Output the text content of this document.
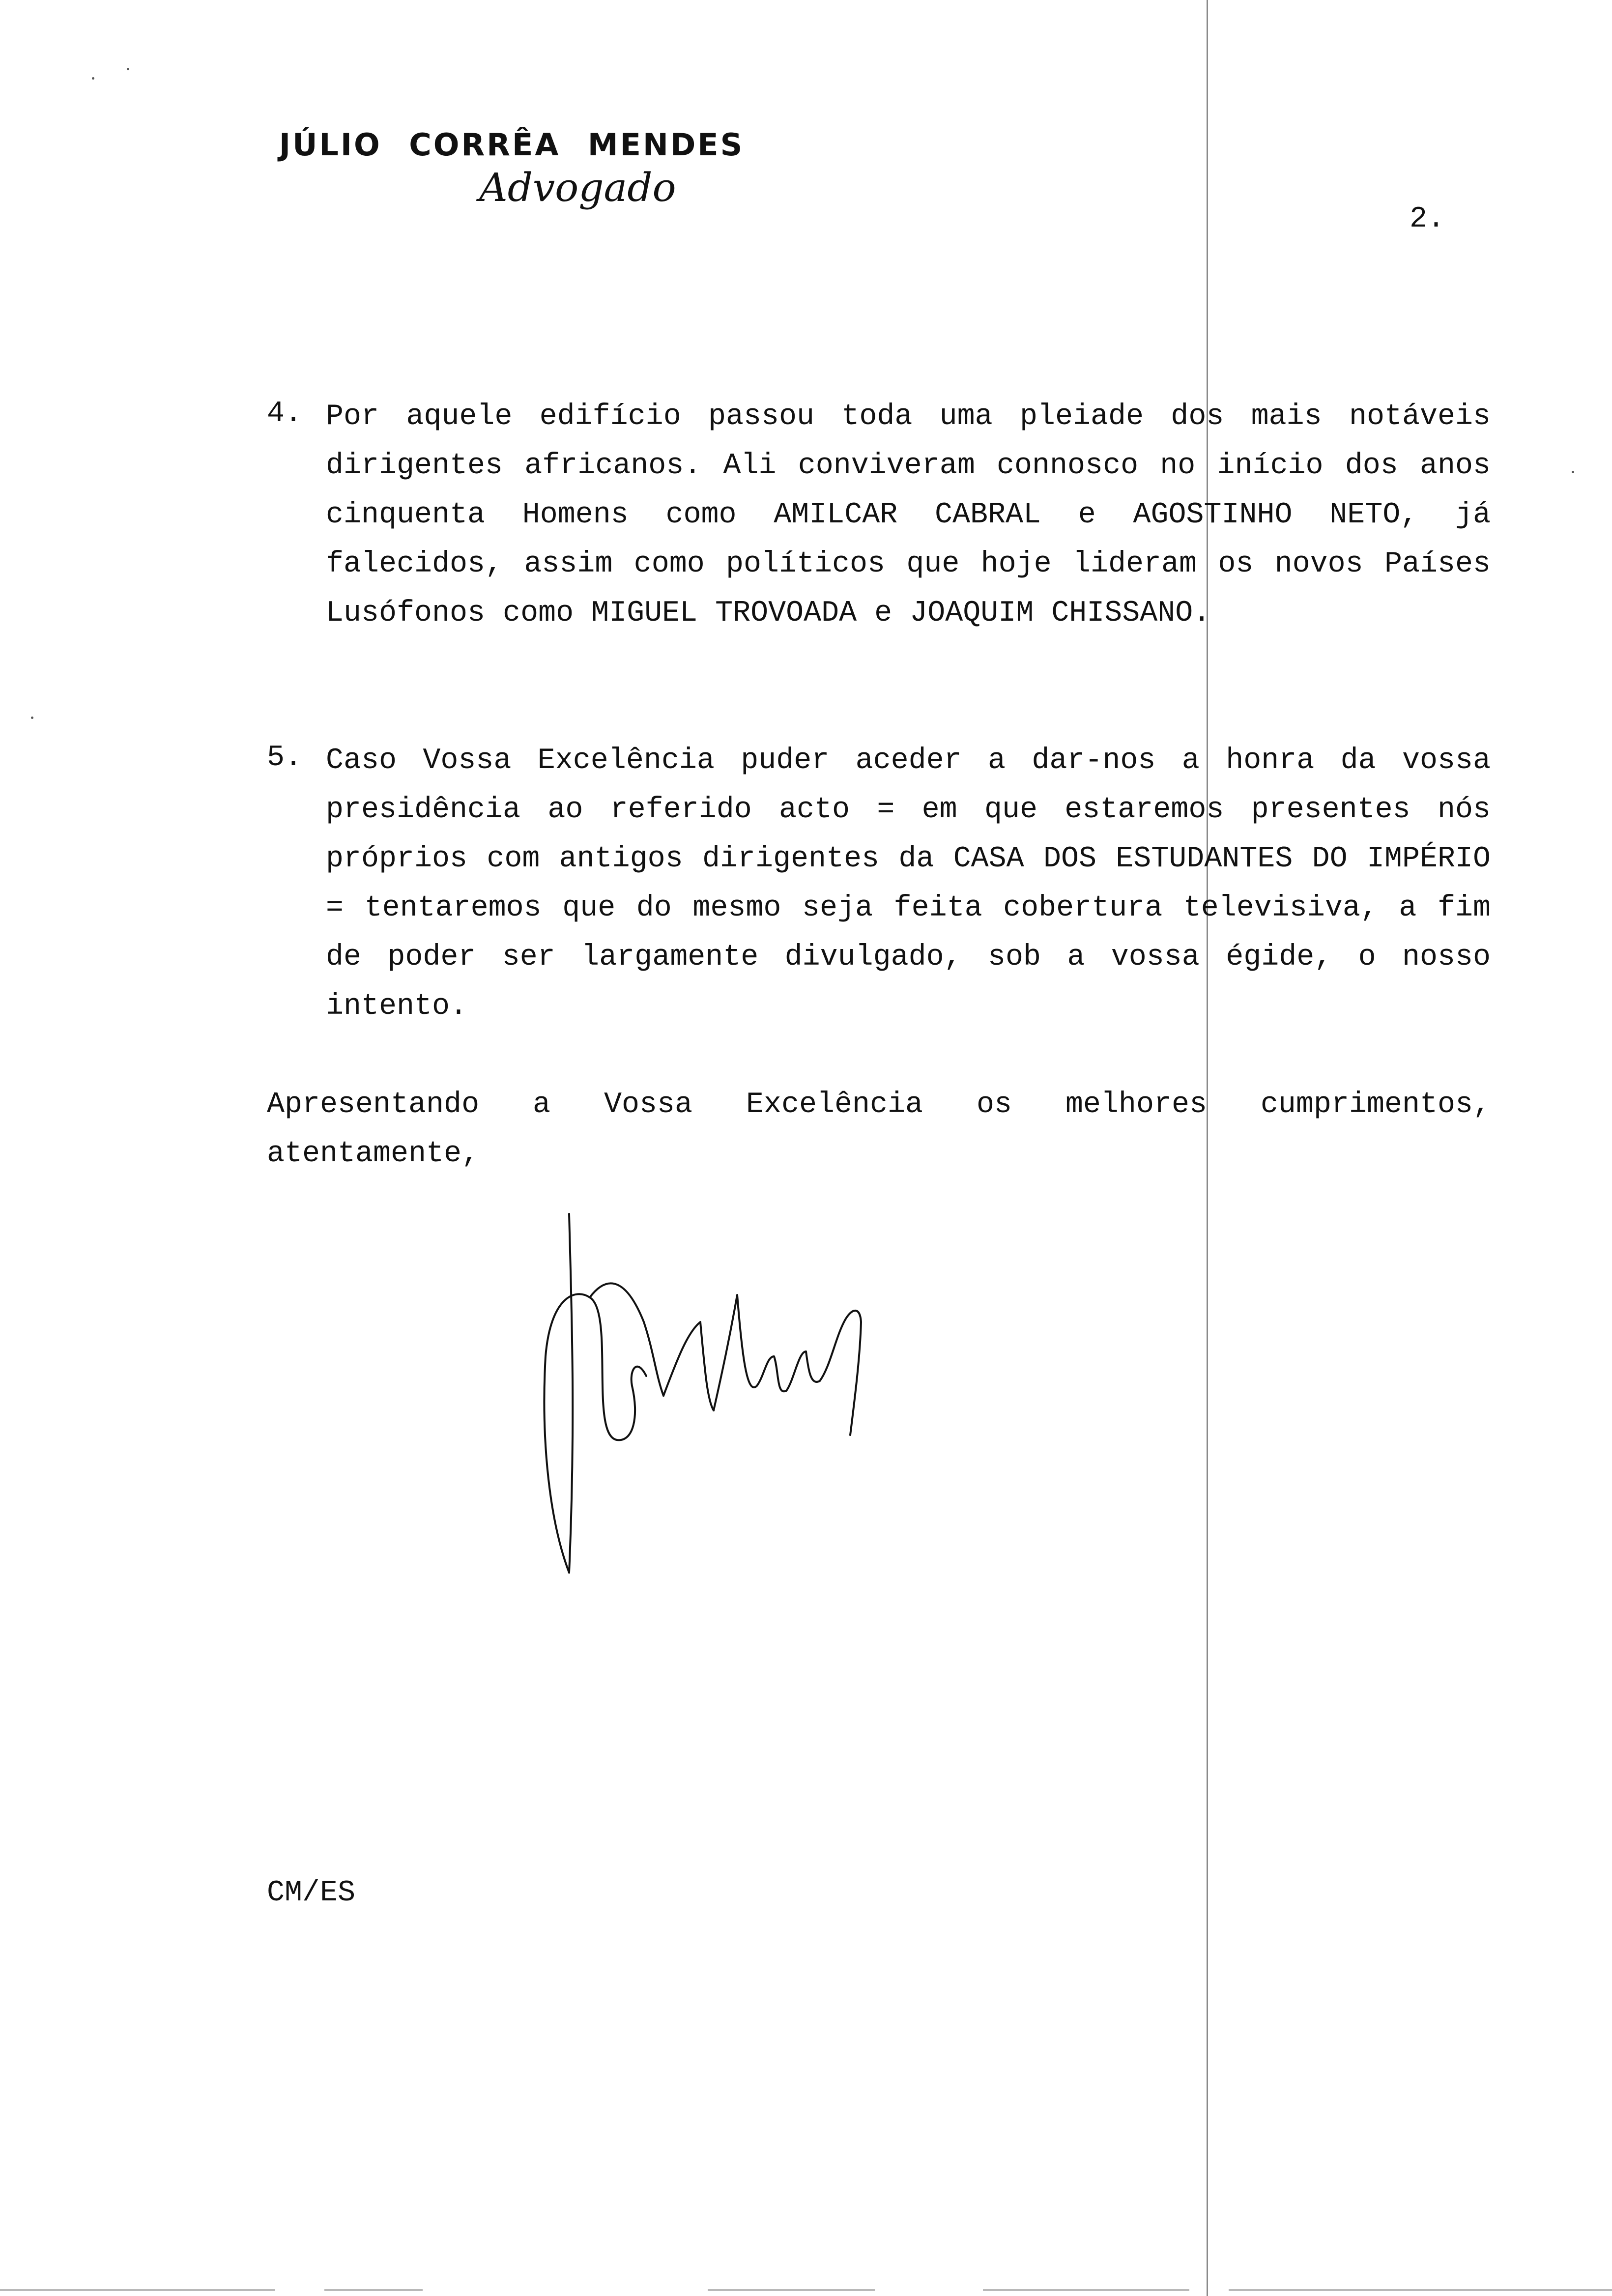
JÚLIO CORRÊA MENDES
Advogado
2.
4. Por aquele edifício passou toda uma pleiade dos mais notáveis dirigentes africanos. Ali conviveram connosco no início dos anos cinquenta Homens como AMILCAR CABRAL e AGOSTINHO NETO, já falecidos, assim como políticos que hoje lideram os novos Países Lusófonos como MIGUEL TROVOADA e JOAQUIM CHISSANO.

5. Caso Vossa Excelência puder aceder a dar-nos a honra da vossa presidência ao referido acto = em que estaremos presentes nós próprios com antigos dirigentes da CASA DOS ESTUDANTES DO IMPÉRIO = tentaremos que do mesmo seja feita cobertura televisiva, a fim de poder ser largamente divulgado, sob a vossa égide, o nosso intento.

Apresentando a Vossa Excelência os melhores cumprimentos, atentamente,

CM/ES
